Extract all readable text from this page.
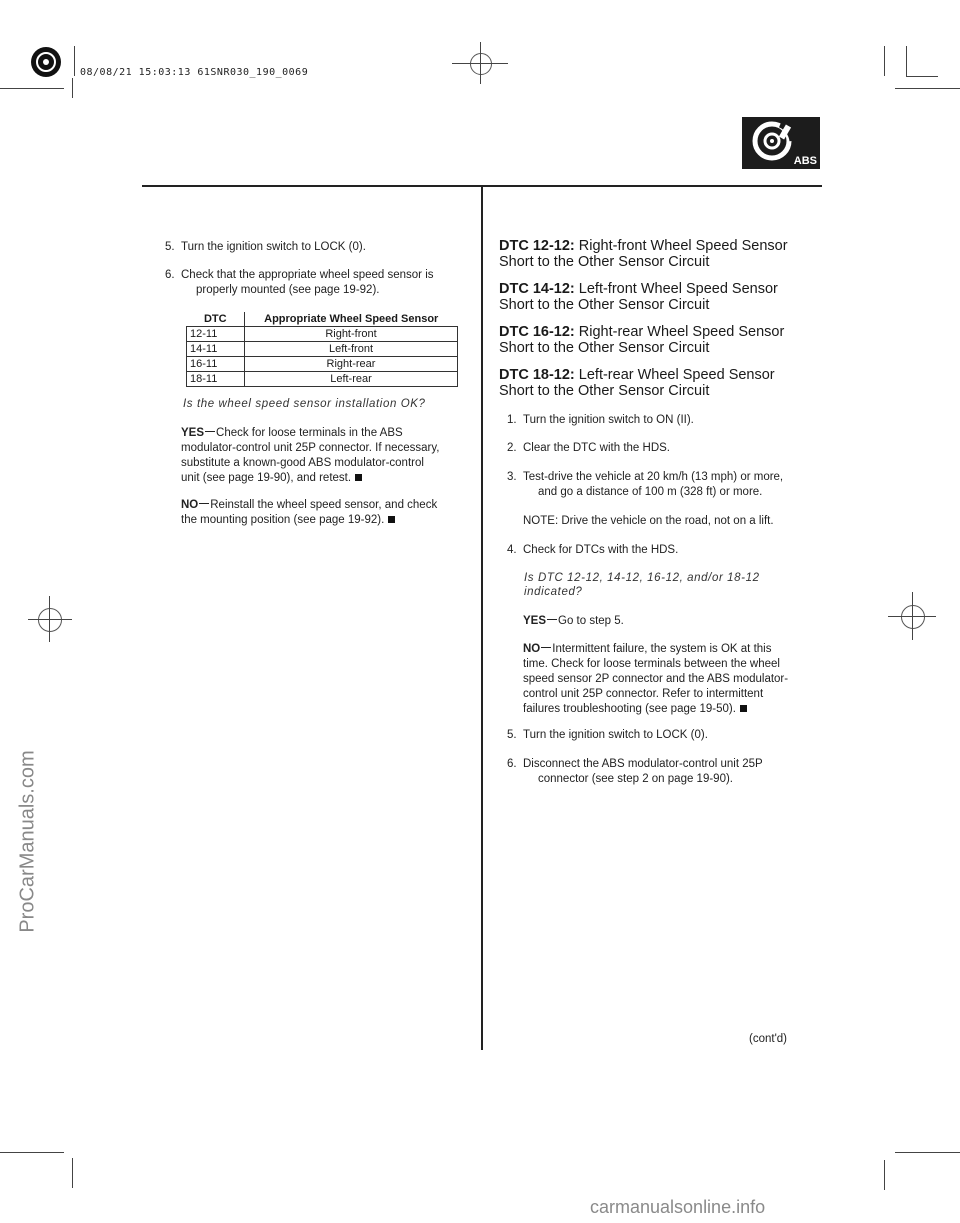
08/08/21 15:03:13 61SNR030_190_0069
ProCarManuals.com
ABS
5. Turn the ignition switch to LOCK (0).
6. Check that the appropriate wheel speed sensor is
properly mounted (see page 19-92).
DTC	Appropriate Wheel Speed Sensor
12-11	Right-front
14-11	Left-front
16-11	Right-rear
18-11	Left-rear
Is the wheel speed sensor installation OK?
YES Check for loose terminals in the ABS
modulator-control unit 25P connector. If necessary,
substitute a known-good ABS modulator-control
unit (see page 19-90), and retest.
NO Reinstall the wheel speed sensor, and check
the mounting position (see page 19-92).
DTC 12-12: Right-front Wheel Speed Sensor
Short to the Other Sensor Circuit
DTC 14-12: Left-front Wheel Speed Sensor
Short to the Other Sensor Circuit
DTC 16-12: Right-rear Wheel Speed Sensor
Short to the Other Sensor Circuit
DTC 18-12: Left-rear Wheel Speed Sensor
Short to the Other Sensor Circuit
1. Turn the ignition switch to ON (II).
2. Clear the DTC with the HDS.
3. Test-drive the vehicle at 20 km/h (13 mph) or more,
and go a distance of 100 m (328 ft) or more.
NOTE: Drive the vehicle on the road, not on a lift.
4. Check for DTCs with the HDS.
Is DTC 12-12, 14-12, 16-12, and/or 18-12
indicated?
YES Go to step 5.
NO Intermittent failure, the system is OK at this
time. Check for loose terminals between the wheel
speed sensor 2P connector and the ABS modulator-
control unit 25P connector. Refer to intermittent
failures troubleshooting (see page 19-50).
5. Turn the ignition switch to LOCK (0).
6. Disconnect the ABS modulator-control unit 25P
connector (see step 2 on page 19-90).
(cont'd)
carmanualsonline.info
